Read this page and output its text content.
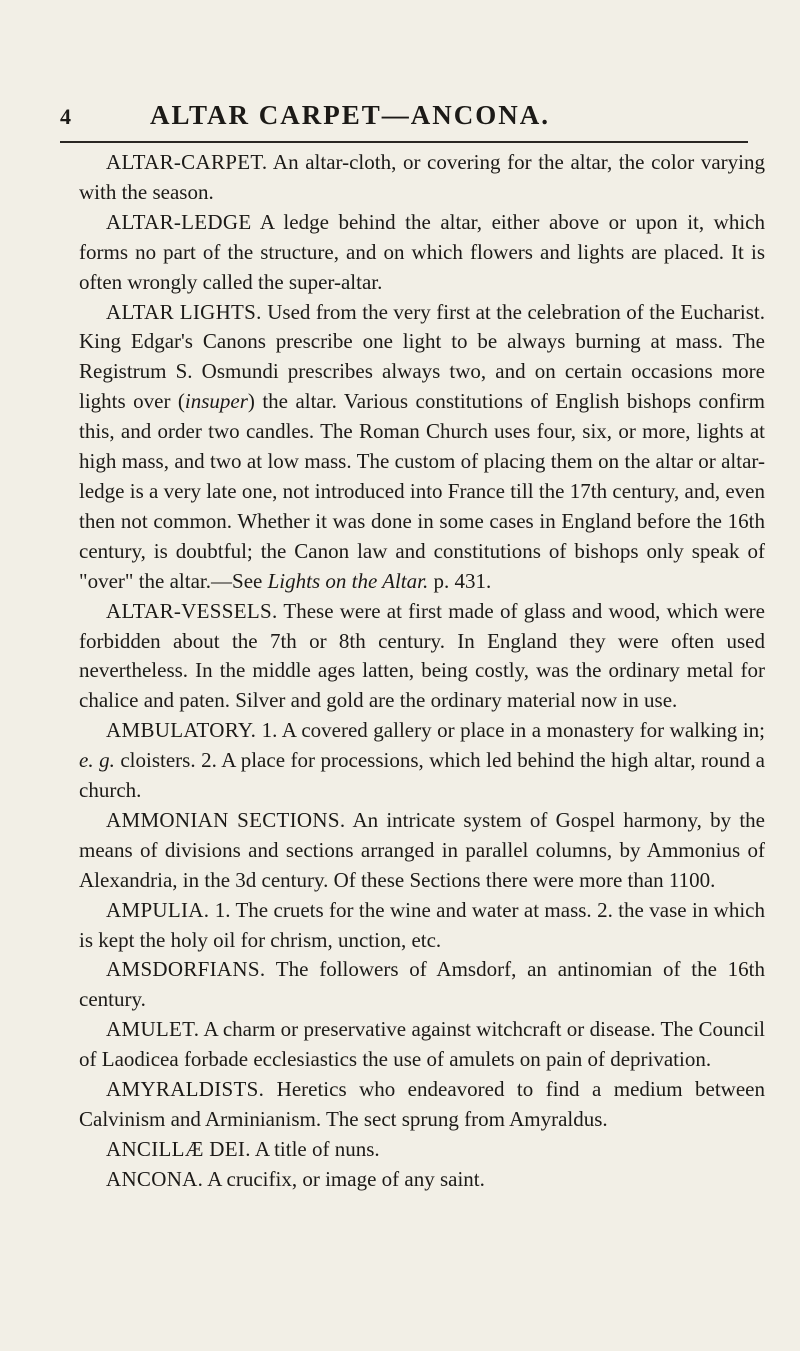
4	ALTAR CARPET—ANCONA.

ALTAR-CARPET. An altar-cloth, or covering for the altar, the color varying with the season.

ALTAR-LEDGE A ledge behind the altar, either above or upon it, which forms no part of the structure, and on which flowers and lights are placed. It is often wrongly called the super-altar.

ALTAR LIGHTS. Used from the very first at the celebration of the Eucharist. King Edgar's Canons prescribe one light to be always burning at mass. The Registrum S. Osmundi prescribes always two, and on certain occasions more lights over (insuper) the altar. Various constitutions of English bishops confirm this, and order two candles. The Roman Church uses four, six, or more, lights at high mass, and two at low mass. The custom of placing them on the altar or altar-ledge is a very late one, not introduced into France till the 17th century, and, even then not common. Whether it was done in some cases in England before the 16th century, is doubtful; the Canon law and constitutions of bishops only speak of "over" the altar.—See Lights on the Altar. p. 431.

ALTAR-VESSELS. These were at first made of glass and wood, which were forbidden about the 7th or 8th century. In England they were often used nevertheless. In the middle ages latten, being costly, was the ordinary metal for chalice and paten. Silver and gold are the ordinary material now in use.

AMBULATORY. 1. A covered gallery or place in a monastery for walking in; e. g. cloisters. 2. A place for processions, which led behind the high altar, round a church.

AMMONIAN SECTIONS. An intricate system of Gospel harmony, by the means of divisions and sections arranged in parallel columns, by Ammonius of Alexandria, in the 3d century. Of these Sections there were more than 1100.

AMPULIA. 1. The cruets for the wine and water at mass. 2. the vase in which is kept the holy oil for chrism, unction, etc.

AMSDORFIANS. The followers of Amsdorf, an antinomian of the 16th century.

AMULET. A charm or preservative against witchcraft or disease. The Council of Laodicea forbade ecclesiastics the use of amulets on pain of deprivation.

AMYRALDISTS. Heretics who endeavored to find a medium between Calvinism and Arminianism. The sect sprung from Amyraldus.

ANCILLÆ DEI. A title of nuns.

ANCONA. A crucifix, or image of any saint.
